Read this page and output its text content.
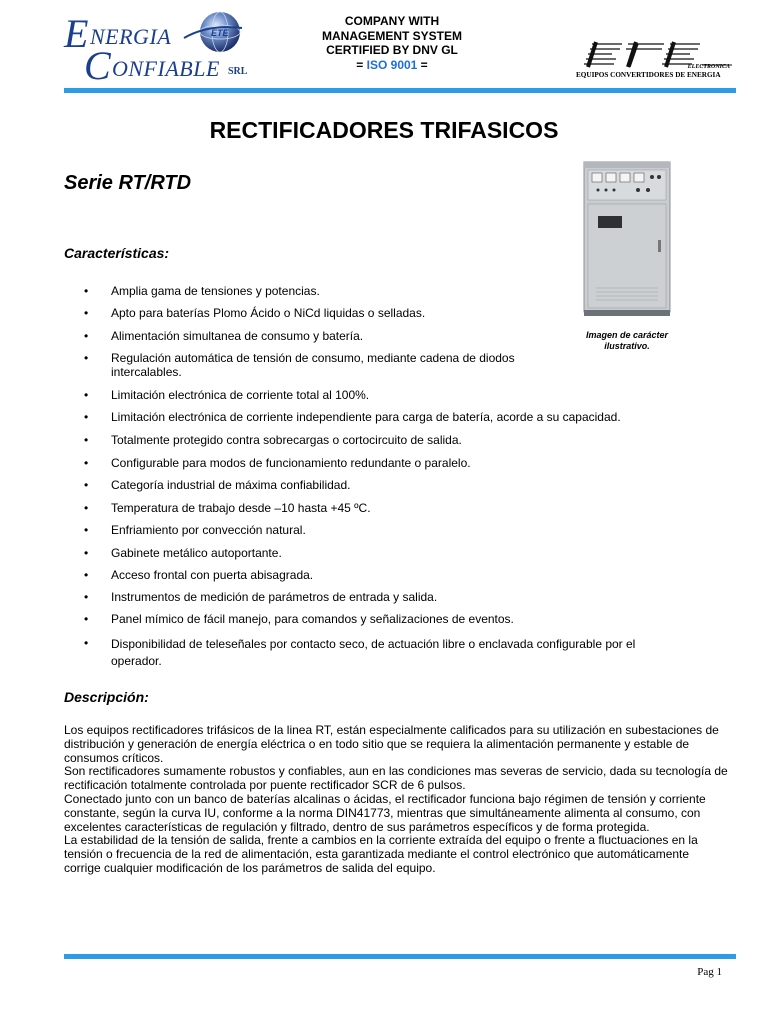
ETE
E NERGIA
C ONFIABLE SRL
COMPANY WITH
MANAGEMENT SYSTEM
CERTIFIED BY DNV GL
= ISO 9001 =	ELECTRONICA
EQUIPOS CONVERTIDORES DE ENERGIA
RECTIFICADORES TRIFASICOS
Serie RT/RTD
Imagen de carácter ilustrativo.
Características:
•	Amplia gama de tensiones y potencias.
•	Apto para baterías Plomo Ácido o NiCd liquidas o selladas.
•	Alimentación simultanea de consumo y batería.
•	Regulación automática de tensión de consumo, mediante cadena de diodos intercalables.
•	Limitación electrónica de corriente total al 100%.
•	Limitación electrónica de corriente independiente para carga de batería, acorde a su capacidad.
•	Totalmente protegido contra sobrecargas o cortocircuito de salida.
•	Configurable para modos de funcionamiento redundante o paralelo.
•	Categoría industrial de máxima confiabilidad.
•	Temperatura de trabajo desde –10 hasta +45 ºC.
•	Enfriamiento por convección natural.
•	Gabinete metálico autoportante.
•	Acceso frontal con puerta abisagrada.
•	Instrumentos de medición de parámetros de entrada y salida.
•	Panel mímico de fácil manejo, para comandos y señalizaciones de eventos.
•	Disponibilidad de teleseñales por contacto seco, de actuación libre o enclavada configurable por el operador.
Descripción:

Los equipos rectificadores trifásicos de la linea RT, están especialmente calificados para su utilización en subestaciones de distribución y generación de energía eléctrica o en todo sitio que se requiera la alimentación permanente y estable de consumos críticos.

Son rectificadores sumamente robustos y confiables, aun en las condiciones mas severas de servicio, dada su tecnología de rectificación totalmente controlada por puente rectificador SCR de 6 pulsos.

Conectado junto con un banco de baterías alcalinas o ácidas, el rectificador funciona bajo régimen de tensión y corriente constante, según la curva IU, conforme a la norma DIN41773, mientras que simultáneamente alimenta al consumo, con excelentes características de regulación y filtrado, dentro de sus parámetros específicos y de forma protegida.

La estabilidad de la tensión de salida, frente a cambios en la corriente extraída del equipo o frente a fluctuaciones en la tensión o frecuencia de la red de alimentación, esta garantizada mediante el control electrónico que automáticamente corrige cualquier modificación de los parámetros de salida del equipo.

Pag 1
